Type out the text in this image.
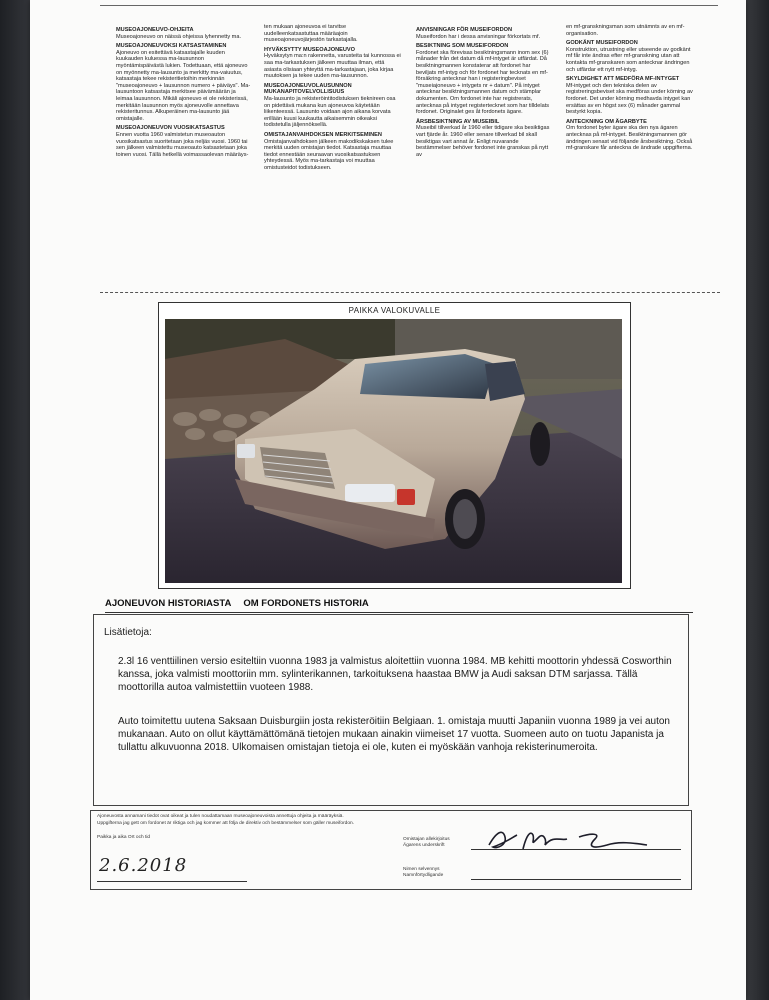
MUSEOAJONEUVO-OHJEITA
Museoajoneuvo on näissä ohjeissa lyhennetty ma.
MUSEOAJONEUVOKSI KATSASTAMINEN
Ajoneuvo on esitettävä katsastajalle kuuden kuukauden kuluessa ma-lausunnon myöntämispäivästä lukien. Todettuaan, että ajoneuvo on myönnetty ma-lausunto ja merkitty ma-vaiuutus, katsastaja tekee rekisteritietoihin merkinnän "museoajoneuvo + lausunnon numero + päiväys". Ma-lausuntoon katsastaja merkitsee päivämäärän ja leimaa lausunnon. Mikäli ajoneuvo ei ole rekisterissä, merkitään lausunnon myös ajoneuvolle annettava rekisteritunnus. Alkuperäinen ma-lausunto jää omistajalle.
MUSEOAJONEUVON VUOSIKATSASTUS
Ennen vuotta 1960 valmistetun museoauton vuosikatsastus suoritetaan joka neljäs vuosi. 1960 tai sen jälkeen valmistettu museoauto katsastetaan joka toinen vuosi. Tällä hetkellä voimassaolevan määräys-
ten mukaan ajoneuvoa ei tarvitse uudelleenkatsastuttaa määräajoin museoajoneuvojärjestön tarkastajalla.
HYVÄKSYTTY MUSEOAJONEUVO
Hyväksytyn ma:n rakennetta, varusteita tai kunnossa ei saa ma-tarkastuksen jälkeen muuttaa ilman, että asiasta olisiaan yhteyttä ma-tarkastajaan, joka kirjaa muutoksen ja tekee uuden ma-lausunnon.
MUSEOAJONEUVOLAUSUNNON MUKANAPITOVELVOLLISUUS
Ma-lausunto ja rekisteröintitodistuksen tieknireen osa on pidettävä mukana kun ajoneuvoa käytetään liikenteessä. Lausunto voidaan ajon aikana korvata erillään kuusi kuukautta aikaisemmin oikeaksi todistetulla jäljennöksellä.
OMISTAJANVAIHDOKSEN MERKITSEMINEN
Omistajanvaihdoksen jälkeen makodikskaksen tulee merkitä uuden omistajan tiedot. Katsastaja muuttaa tiedot ennestään seuraavan vuosikatsastuksen yhteydessä. Myös ma-tarkastaja voi muuttaa omistusteidot todistukseen.
ANVISNINGAR FÖR MUSEIFORDON
Museifordon har i dessa anvisningar förkortats mf.
BESIKTNING SOM MUSEIFORDON
Fordonet ska förevisas besiktningsmann inom sex (6) månader från det datum då mf-intyget är utfärdat. Då besiktningmannen konstaterar att fordonet har beviljats mf-intyg och för fordonet har tecknats en mf-försäkring antecknar han i registeringbeviset "museiajoneuvo + intygets nr + datum". På intyget antecknar besiktningsmannen datum och stämplar dokumenten. Om fordonet inte har registrerats, antecknas på intyget registertecknet som har tilldelats fordonet. Originalet ges åt fordonets ägare.
ÅRSBESIKTNING AV MUSEIBIL
Museibil tillverkad år 1960 eller tidigare ska besiktigas vart fjärde år. 1960 eller senare tillverkad bil skall besiktigas vart annat år. Enligt nuvarande bestämmelser behöver fordonet inte granskas på nytt av
en mf-granskningsman som utnämnts av en mf-organisation.
GODKÄNT MUSEIFORDON
Konstruktion, utrustning eller utseende av godkänt mf får inte ändras efter mf-granskning utan att kontakta mf-granskaren som antecknar ändringen och utfärdar ett nytt mf-intyg.
SKYLDIGHET ATT MEDFÖRA MF-INTYGET
Mf-intyget och den tekniska delen av registreringsbeviset ska medföras under körning av fordonet. Det under körning medhavda intyget kan ersättas av en högst sex (6) månader gammal bestyrkt kopia.
ANTECKNING OM ÄGARBYTE
Om fordonet byter ägare ska den nya ägaren antecknas på mf-intyget. Besiktningsmannen gör ändringen senast vid följande årsbesiktning. Också mf-granskare får anteckna de ändrade uppgifterna.
PAIKKA VALOKUVALLE
AJONEUVON HISTORIASTA OM FORDONETS HISTORIA
Lisätietoja:
2.3l 16 venttiilinen versio esiteltiin vuonna 1983 ja valmistus aloitettiin vuonna 1984. MB kehitti moottorin yhdessä Cosworthin kanssa, joka valmisti moottoriin mm. sylinterikannen, tarkoituksena haastaa BMW ja Audi saksan DTM sarjassa. Tällä moottorilla autoa valmistettiin vuoteen 1988.
Auto toimitettu uutena Saksaan Duisburgiin josta rekisteröitiin Belgiaan. 1. omistaja muutti Japaniin vuonna 1989 ja vei auton mukanaan. Auto on ollut käyttämättömänä tietojen mukaan ainakin viimeiset 17 vuotta. Suomeen auto on tuotu Japanista ja tullattu alkuvuonna 2018. Ulkomaisen omistajan tietoja ei ole, kuten ei myöskään vanhoja rekisterinumeroita.
Ajoneuvosta annamani tiedot ovat oikeat ja tulen noudattamaan museoajoneuvoista annettuja ohjeita ja määräyksiä.
Uppgifterna jag gett om fordonet är riktiga och jag kommer att följa de direktiv och bestämmelser som gäller museifordon.
Paikka ja aika Ort och tid
2.6.2018
Omistajan allekirjoitus
Ägarens underskrift
Nimen selvennys
Namnförtydligande
